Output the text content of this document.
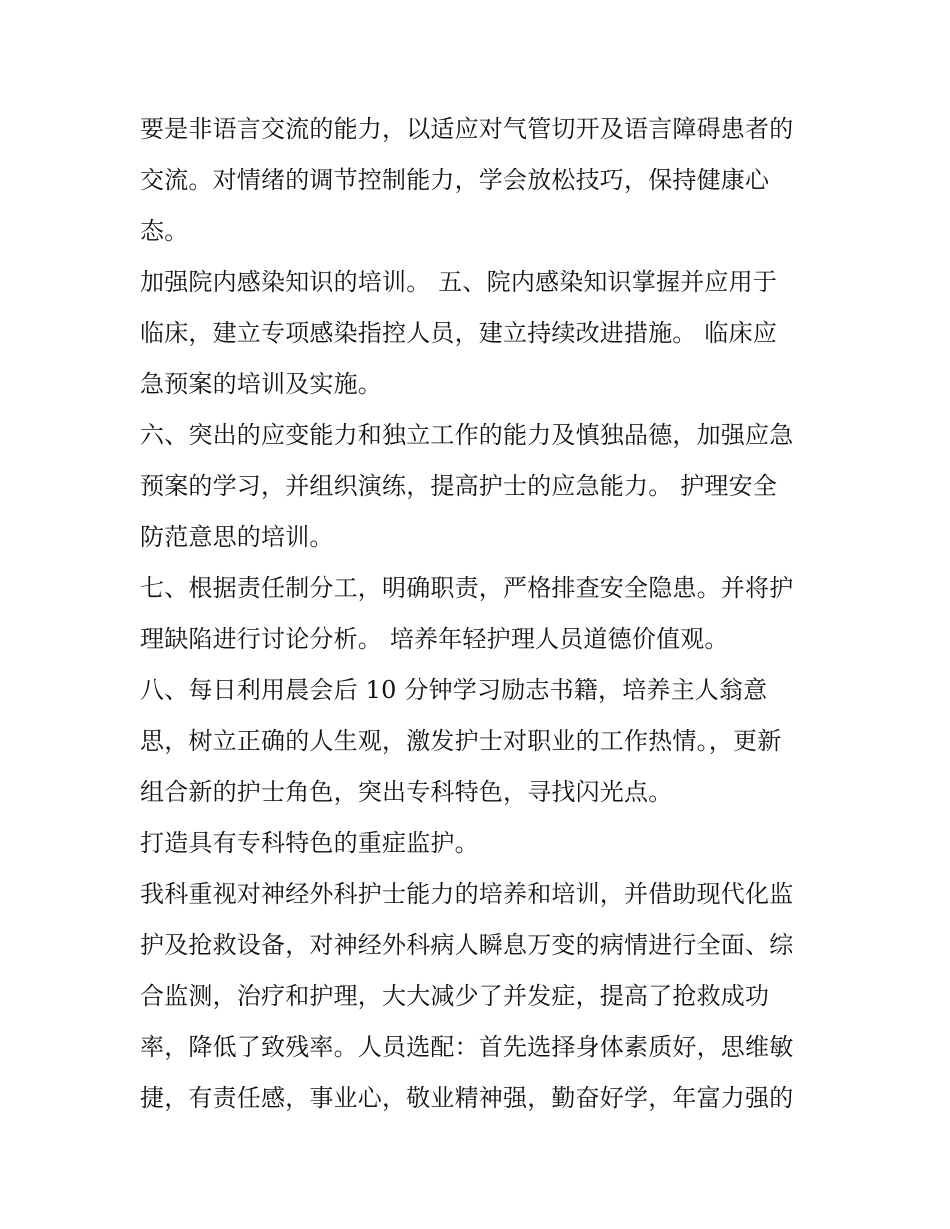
要是非语言交流的能力，以适应对气管切开及语言障碍患者的
交流。对情绪的调节控制能力，学会放松技巧，保持健康心
态。
加强院内感染知识的培训。 五、院内感染知识掌握并应用于
临床，建立专项感染指控人员，建立持续改进措施。 临床应
急预案的培训及实施。
六、突出的应变能力和独立工作的能力及慎独品德，加强应急
预案的学习，并组织演练，提高护士的应急能力。 护理安全
防范意思的培训。
七、根据责任制分工，明确职责，严格排查安全隐患。并将护
理缺陷进行讨论分析。 培养年轻护理人员道德价值观。
八、每日利用晨会后 10 分钟学习励志书籍，培养主人翁意
思，树立正确的人生观，激发护士对职业的工作热情。，更新
组合新的护士角色，突出专科特色，寻找闪光点。
打造具有专科特色的重症监护。
我科重视对神经外科护士能力的培养和培训，并借助现代化监
护及抢救设备，对神经外科病人瞬息万变的病情进行全面、综
合监测，治疗和护理，大大减少了并发症，提高了抢救成功
率，降低了致残率。人员选配：首先选择身体素质好，思维敏
捷，有责任感，事业心，敬业精神强，勤奋好学，年富力强的
